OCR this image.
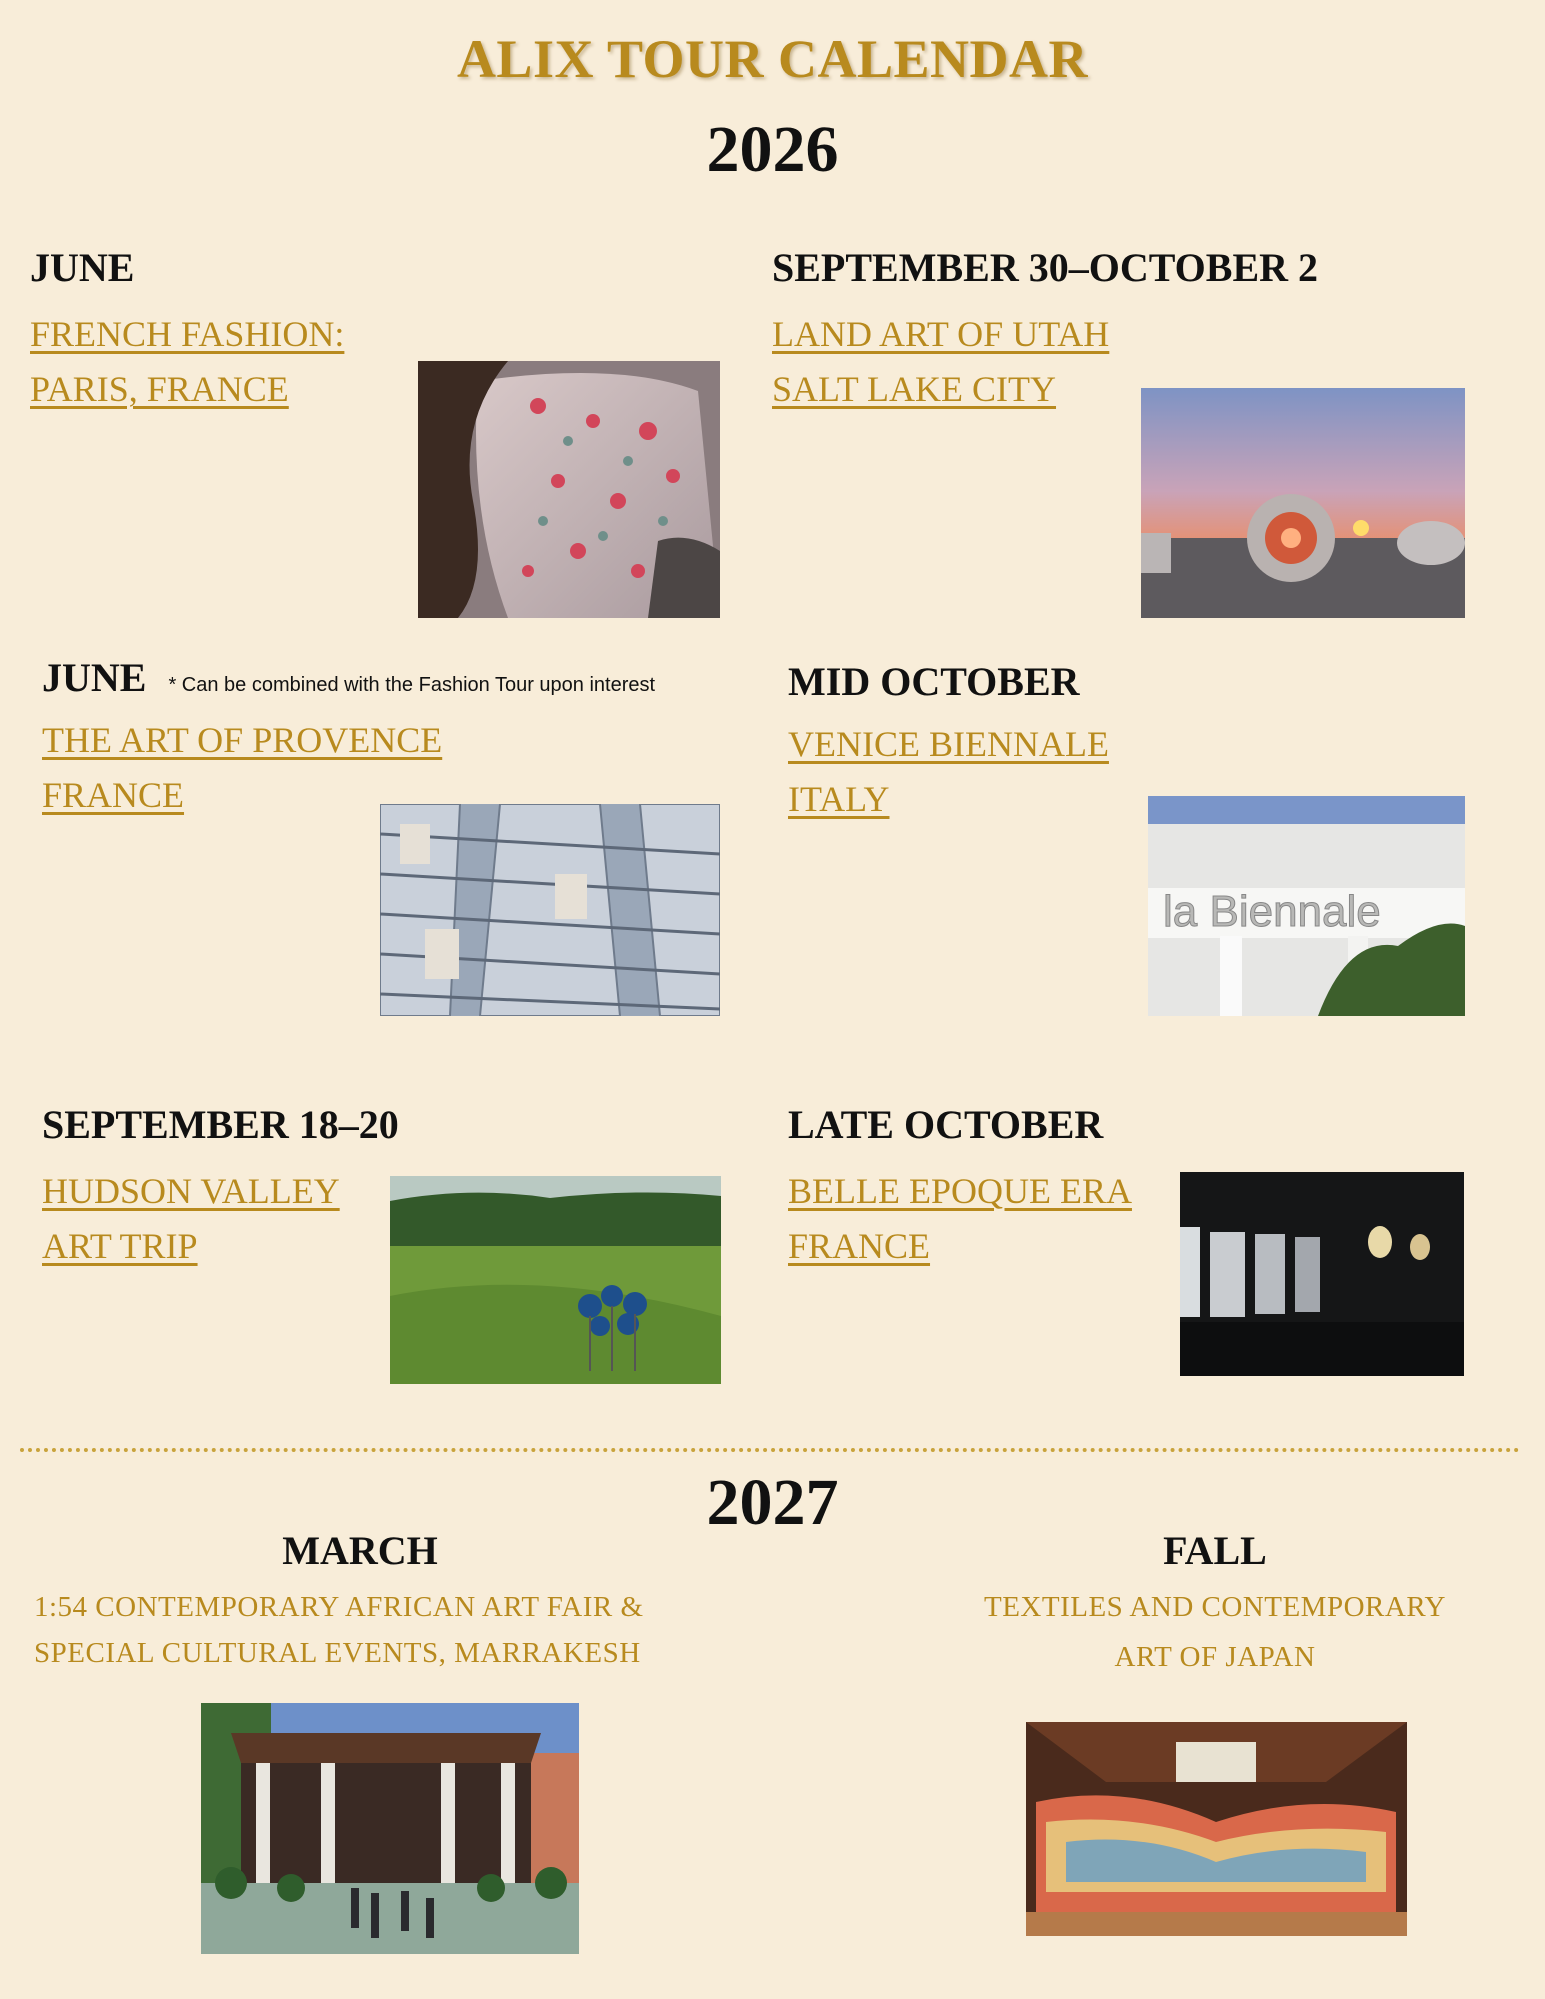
ALIX TOUR CALENDAR
2026
JUNE
FRENCH FASHION:
PARIS, FRANCE
SEPTEMBER 30–OCTOBER 2
LAND ART OF UTAH
SALT LAKE CITY
JUNE * Can be combined with the Fashion Tour upon interest
THE ART OF PROVENCE
FRANCE
MID OCTOBER
VENICE BIENNALE
ITALY
la Biennale
SEPTEMBER 18–20
HUDSON VALLEY
ART TRIP
LATE OCTOBER
BELLE EPOQUE ERA
FRANCE
2027
MARCH
1:54 CONTEMPORARY AFRICAN ART FAIR &
SPECIAL CULTURAL EVENTS, MARRAKESH
FALL
TEXTILES AND CONTEMPORARY
ART OF JAPAN
